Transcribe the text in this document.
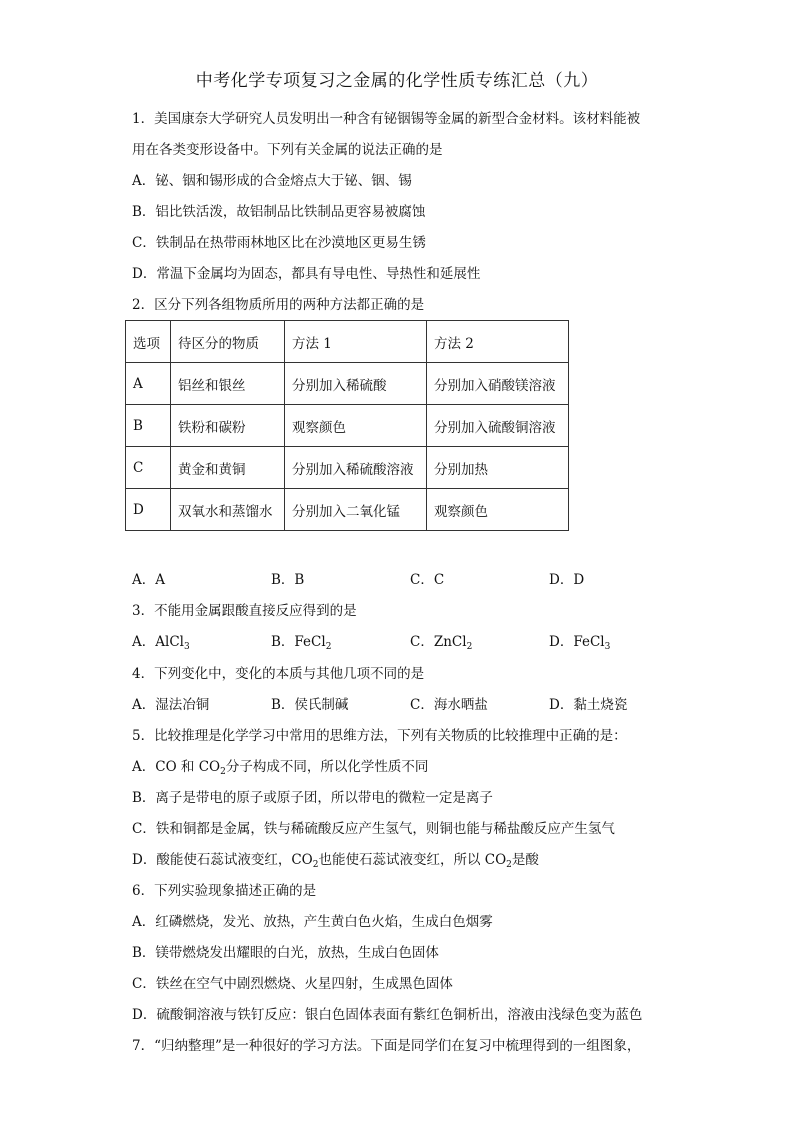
中考化学专项复习之金属的化学性质专练汇总（九）
1．美国康奈大学研究人员发明出一种含有铋铟锡等金属的新型合金材料。该材料能被
用在各类变形设备中。下列有关金属的说法正确的是
A．铋、铟和锡形成的合金熔点大于铋、铟、锡
B．铝比铁活泼，故铝制品比铁制品更容易被腐蚀
C．铁制品在热带雨林地区比在沙漠地区更易生锈
D．常温下金属均为固态，都具有导电性、导热性和延展性
2．区分下列各组物质所用的两种方法都正确的是
选项	待区分的物质	方法 1	方法 2
A	铝丝和银丝	分别加入稀硫酸	分别加入硝酸镁溶液
B	铁粉和碳粉	观察颜色	分别加入硫酸铜溶液
C	黄金和黄铜	分别加入稀硫酸溶液	分别加热
D	双氧水和蒸馏水	分别加入二氧化锰	观察颜色
A．A	B．B	C．C	D．D
3．不能用金属跟酸直接反应得到的是
A．AlCl$_3$	B．FeCl$_2$	C．ZnCl$_2$	D．FeCl$_3$
4．下列变化中，变化的本质与其他几项不同的是
A．湿法冶铜	B．侯氏制碱	C．海水晒盐	D．黏土烧瓷
5．比较推理是化学学习中常用的思维方法，下列有关物质的比较推理中正确的是：
A．CO 和 $CO_2$分子构成不同，所以化学性质不同
B．离子是带电的原子或原子团，所以带电的微粒一定是离子
C．铁和铜都是金属，铁与稀硫酸反应产生氢气，则铜也能与稀盐酸反应产生氢气
D．酸能使石蕊试液变红，$CO_2$也能使石蕊试液变红，所以 $CO_2$是酸
6．下列实验现象描述正确的是
A．红磷燃烧，发光、放热，产生黄白色火焰，生成白色烟雾
B．镁带燃烧发出耀眼的白光，放热，生成白色固体
C．铁丝在空气中剧烈燃烧、火星四射，生成黑色固体
D．硫酸铜溶液与铁钉反应：银白色固体表面有紫红色铜析出，溶液由浅绿色变为蓝色
7．“归纳整理”是一种很好的学习方法。下面是同学们在复习中梳理得到的一组图象，
